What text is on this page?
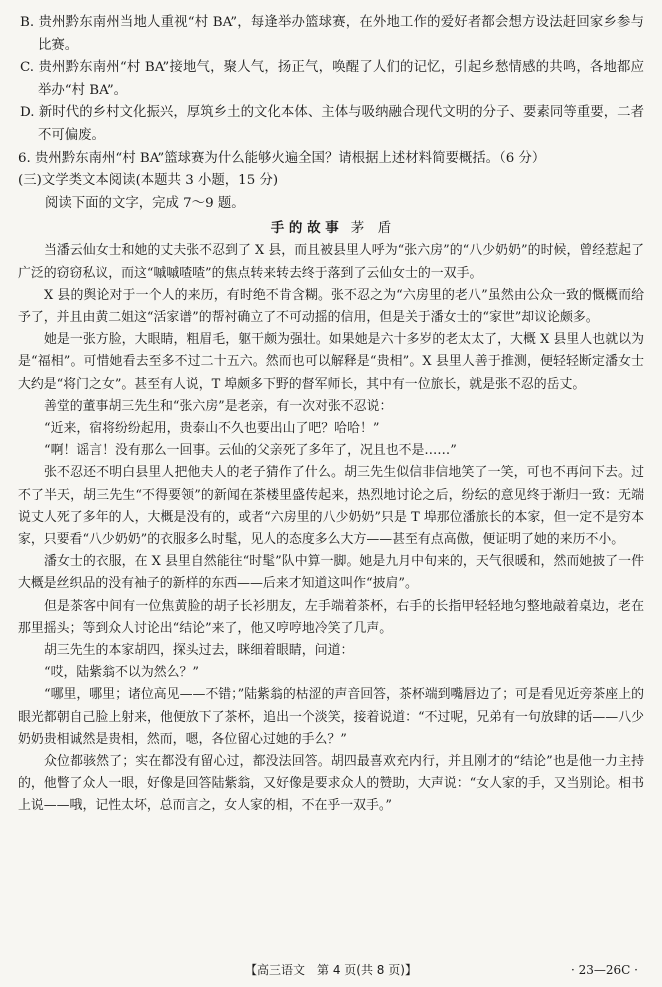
B. 贵州黔东南州当地人重视“村 BA”，每逢举办篮球赛，在外地工作的爱好者都会想方设法赶回家乡参与比赛。

C. 贵州黔东南州“村 BA”接地气，聚人气，扬正气，唤醒了人们的记忆，引起乡愁情感的共鸣，各地都应举办“村 BA”。

D. 新时代的乡村文化振兴，厚筑乡土的文化本体、主体与吸纳融合现代文明的分子、要素同等重要，二者不可偏废。

6. 贵州黔东南州“村 BA”篮球赛为什么能够火遍全国？请根据上述材料简要概括。（6 分）

(三)文学类文本阅读(本题共 3 小题，15 分)

阅读下面的文字，完成 7～9 题。

手 的 故 事 茅　盾

当潘云仙女士和她的丈夫张不忍到了 X 县，而且被县里人呼为“张六房”的“八少奶奶”的时候，曾经惹起了广泛的窃窃私议，而这“嘁嘁喳喳”的焦点转来转去终于落到了云仙女士的一双手。

X 县的舆论对于一个人的来历，有时绝不肯含糊。张不忍之为“六房里的老八”虽然由公众一致的慨概而给予了，并且由黄二姐这“活家谱”的帮衬确立了不可动摇的信用，但是关于潘女士的“家世”却议论颇多。

她是一张方脸，大眼睛，粗眉毛，躯干颇为强壮。如果她是六十多岁的老太太了，大概 X 县里人也就以为是“福相”。可惜她看去至多不过二十五六。然而也可以解释是“贵相”。X 县里人善于推测，便轻轻断定潘女士大约是“将门之女”。甚至有人说，T 埠颇多下野的督军师长，其中有一位旅长，就是张不忍的岳丈。

善堂的董事胡三先生和“张六房”是老亲，有一次对张不忍说：

“近来，宿将纷纷起用，贵泰山不久也要出山了吧？哈哈！”

“啊！谣言！没有那么一回事。云仙的父亲死了多年了，况且也不是……”

张不忍还不明白县里人把他夫人的老子猜作了什么。胡三先生似信非信地笑了一笑，可也不再问下去。过不了半天，胡三先生“不得要领”的新闻在茶楼里盛传起来，热烈地讨论之后，纷纭的意见终于渐归一致：无端说丈人死了多年的人，大概是没有的，或者“六房里的八少奶奶”只是 T 埠那位潘旅长的本家，但一定不是穷本家，只要看“八少奶奶”的衣服多么时髦，见人的态度多么大方——甚至有点高傲，便证明了她的来历不小。

潘女士的衣服，在 X 县里自然能往“时髦”队中算一脚。她是九月中旬来的，天气很暖和，然而她披了一件大概是丝织品的没有袖子的新样的东西——后来才知道这叫作“披肩”。

但是茶客中间有一位焦黄脸的胡子长衫朋友，左手端着茶杯，右手的长指甲轻轻地匀整地敲着桌边，老在那里摇头；等到众人讨论出“结论”来了，他又哼哼地冷笑了几声。

胡三先生的本家胡四，探头过去，眯细着眼睛，问道：

“哎，陆紫翁不以为然么？”

“哪里，哪里；诸位高见——不错；”陆紫翁的枯涩的声音回答，茶杯端到嘴唇边了；可是看见近旁茶座上的眼光都朝自己脸上射来，他便放下了茶杯，追出一个淡笑，接着说道：“不过呢，兄弟有一句放肆的话——八少奶奶贵相诚然是贵相，然而，嗯，各位留心过她的手么？”

众位都骇然了；实在都没有留心过，都没法回答。胡四最喜欢充内行，并且刚才的“结论”也是他一力主持的，他瞥了众人一眼，好像是回答陆紫翁，又好像是要求众人的赞助，大声说：“女人家的手，又当别论。相书上说——哦，记性太坏，总而言之，女人家的相，不在乎一双手。”

【高三语文　第 4 页(共 8 页)】	· 23—26C ·
